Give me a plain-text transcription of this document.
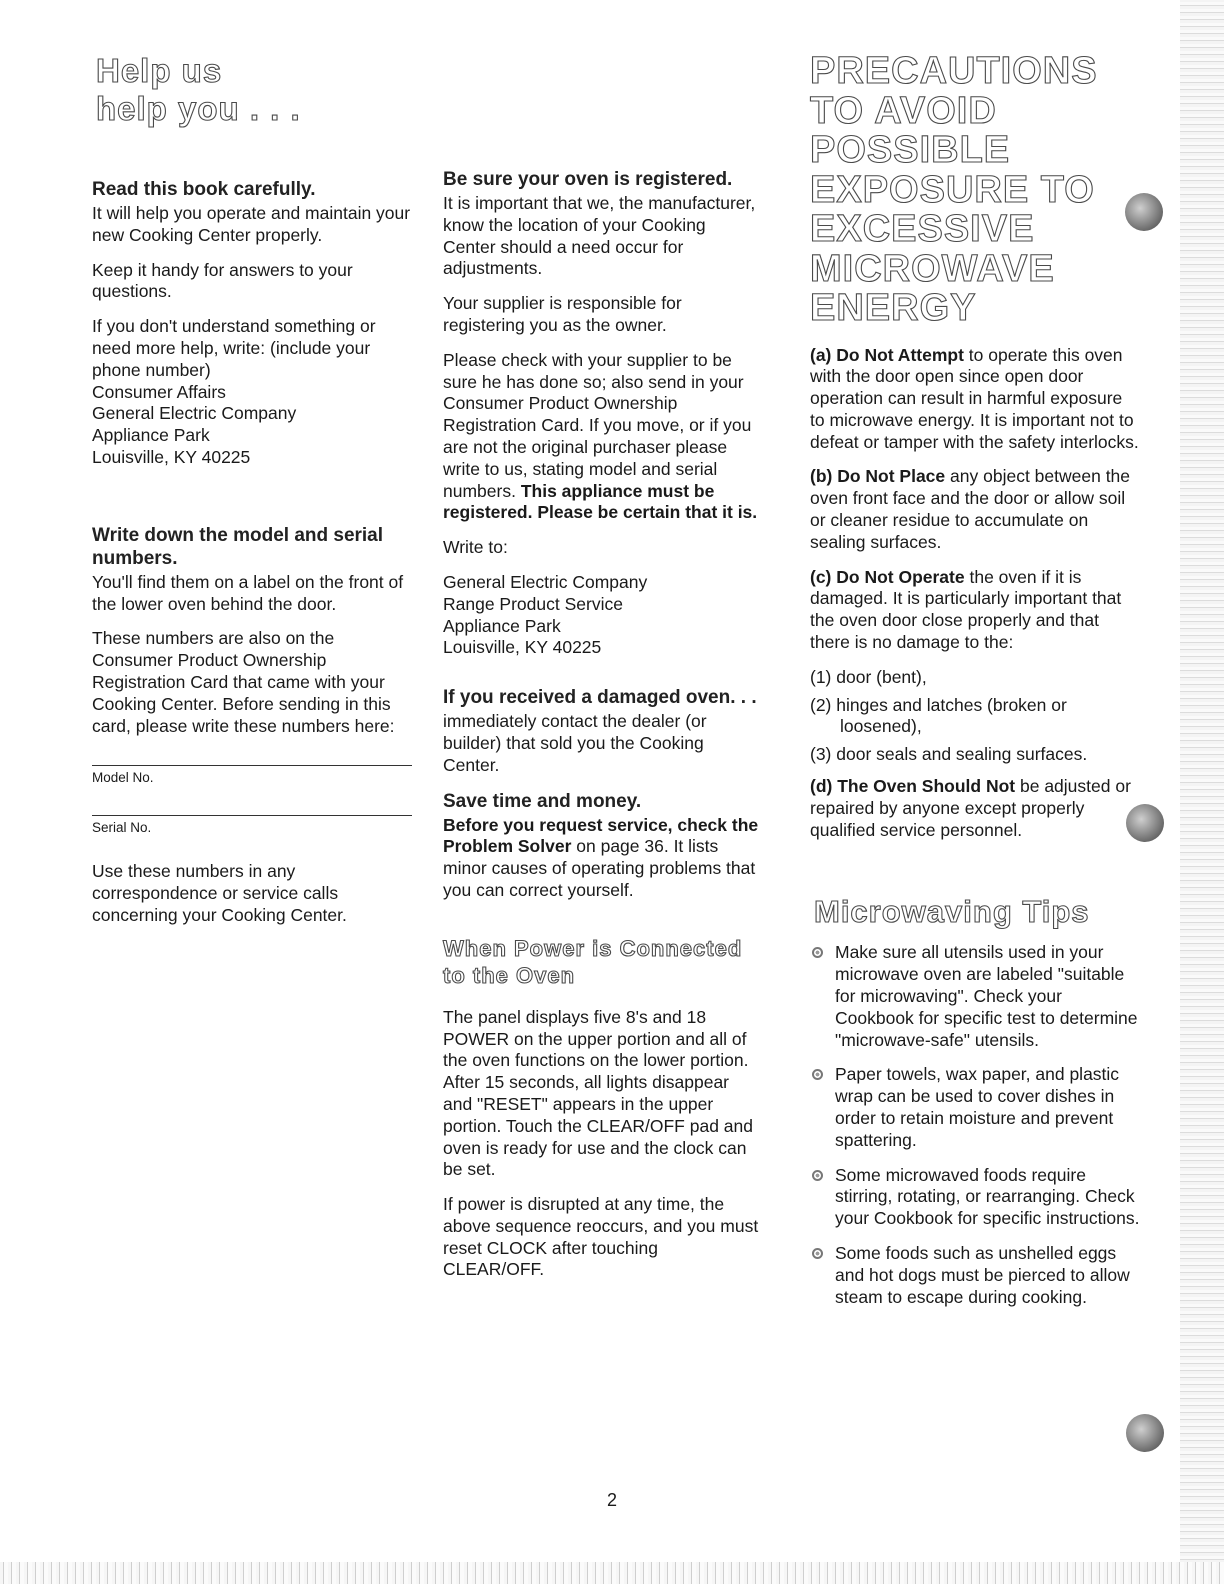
Help us
help you . . .
Read this book carefully.

It will help you operate and maintain your new Cooking Center properly.

Keep it handy for answers to your questions.

If you don't understand something or need more help, write: (include your phone number)

Consumer Affairs
General Electric Company
Appliance Park
Louisville, KY 40225
Write down the model and serial numbers.

You'll find them on a label on the front of the lower oven behind the door.

These numbers are also on the Consumer Product Ownership Registration Card that came with your Cooking Center. Before sending in this card, please write these numbers here:

Model No.
Serial No.

Use these numbers in any correspondence or service calls concerning your Cooking Center.

Be sure your oven is registered.

It is important that we, the manufacturer, know the location of your Cooking Center should a need occur for adjustments.

Your supplier is responsible for registering you as the owner.

Please check with your supplier to be sure he has done so; also send in your Consumer Product Ownership Registration Card. If you move, or if you are not the original purchaser please write to us, stating model and serial numbers. This appliance must be registered. Please be certain that it is.

Write to:

General Electric Company
Range Product Service
Appliance Park
Louisville, KY 40225
If you received a damaged oven. . .

immediately contact the dealer (or builder) that sold you the Cooking Center.

Save time and money.

Before you request service, check the Problem Solver on page 36. It lists minor causes of operating problems that you can correct yourself.

When Power is Connected
to the Oven

The panel displays five 8's and 18 POWER on the upper portion and all of the oven functions on the lower portion. After 15 seconds, all lights disappear and "RESET" appears in the upper portion. Touch the CLEAR/OFF pad and oven is ready for use and the clock can be set.

If power is disrupted at any time, the above sequence reoccurs, and you must reset CLOCK after touching CLEAR/OFF.

PRECAUTIONS
TO AVOID
POSSIBLE
EXPOSURE TO
EXCESSIVE
MICROWAVE
ENERGY

(a) Do Not Attempt to operate this oven with the door open since open door operation can result in harmful exposure to microwave energy. It is important not to defeat or tamper with the safety interlocks.

(b) Do Not Place any object between the oven front face and the door or allow soil or cleaner residue to accumulate on sealing surfaces.

(c) Do Not Operate the oven if it is damaged. It is particularly important that the oven door close properly and that there is no damage to the:

(1) door (bent),
(2) hinges and latches (broken or
loosened),
(3) door seals and sealing surfaces.

(d) The Oven Should Not be adjusted or repaired by anyone except properly qualified service personnel.

Microwaving Tips
Make sure all utensils used in your microwave oven are labeled "suitable for microwaving". Check your Cookbook for specific test to determine "microwave-safe" utensils.
Paper towels, wax paper, and plastic wrap can be used to cover dishes in order to retain moisture and prevent spattering.
Some microwaved foods require stirring, rotating, or rearranging. Check your Cookbook for specific instructions.
Some foods such as unshelled eggs and hot dogs must be pierced to allow steam to escape during cooking.
2
